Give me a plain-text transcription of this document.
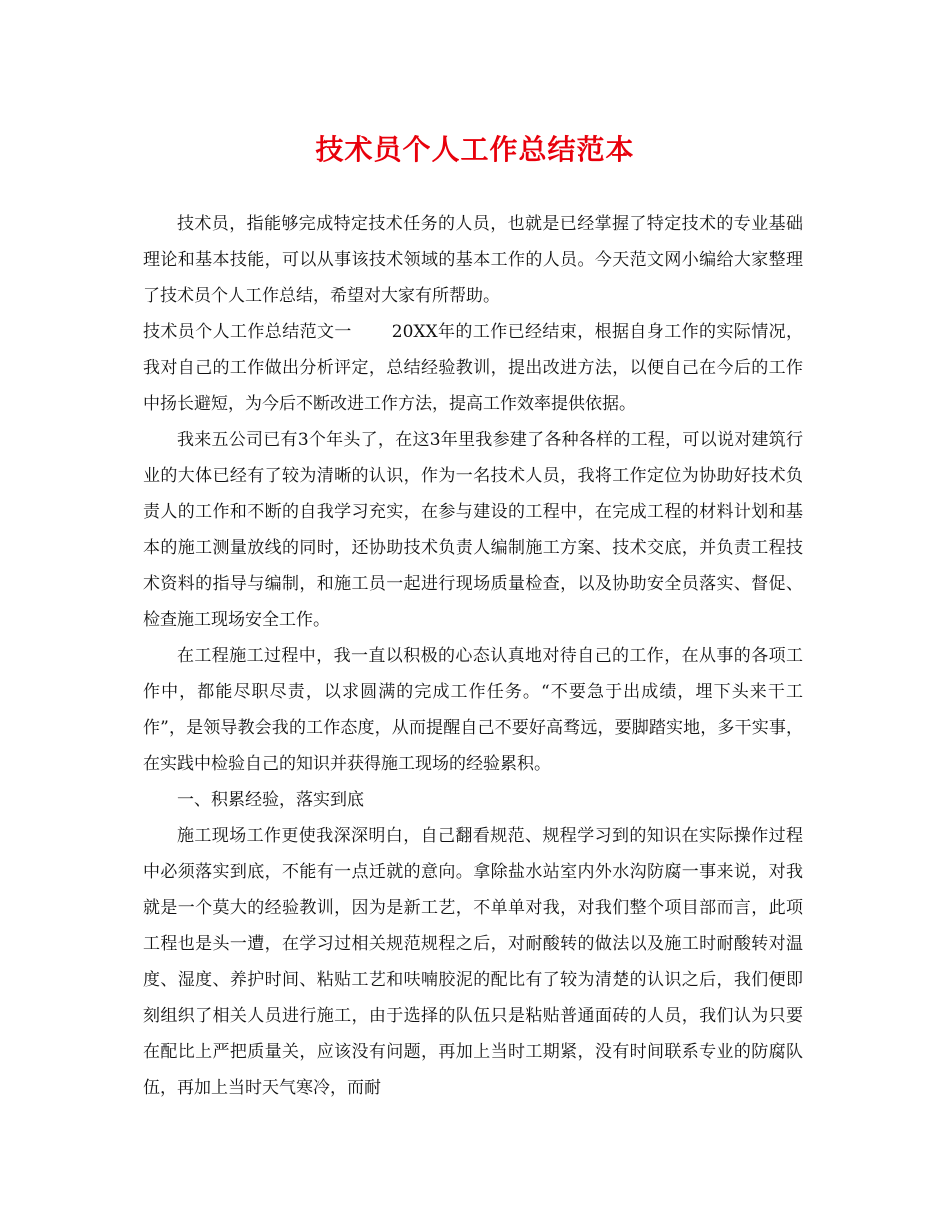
技术员个人工作总结范本

技术员，指能够完成特定技术任务的人员，也就是已经掌握了特定技术的专业基础理论和基本技能，可以从事该技术领域的基本工作的人员。今天范文网小编给大家整理了技术员个人工作总结，希望对大家有所帮助。

技术员个人工作总结范文一 20XX年的工作已经结束，根据自身工作的实际情况，我对自己的工作做出分析评定，总结经验教训，提出改进方法，以便自己在今后的工作中扬长避短，为今后不断改进工作方法，提高工作效率提供依据。

我来五公司已有3个年头了，在这3年里我参建了各种各样的工程，可以说对建筑行业的大体已经有了较为清晰的认识，作为一名技术人员，我将工作定位为协助好技术负责人的工作和不断的自我学习充实，在参与建设的工程中，在完成工程的材料计划和基本的施工测量放线的同时，还协助技术负责人编制施工方案、技术交底，并负责工程技术资料的指导与编制，和施工员一起进行现场质量检查，以及协助安全员落实、督促、检查施工现场安全工作。

在工程施工过程中，我一直以积极的心态认真地对待自己的工作，在从事的各项工作中，都能尽职尽责，以求圆满的完成工作任务。“不要急于出成绩，埋下头来干工作”，是领导教会我的工作态度，从而提醒自己不要好高骛远，要脚踏实地，多干实事，在实践中检验自己的知识并获得施工现场的经验累积。

一、积累经验，落实到底

施工现场工作更使我深深明白，自己翻看规范、规程学习到的知识在实际操作过程中必须落实到底，不能有一点迁就的意向。拿除盐水站室内外水沟防腐一事来说，对我就是一个莫大的经验教训，因为是新工艺，不单单对我，对我们整个项目部而言，此项工程也是头一遭，在学习过相关规范规程之后，对耐酸转的做法以及施工时耐酸转对温度、湿度、养护时间、粘贴工艺和呋喃胶泥的配比有了较为清楚的认识之后，我们便即刻组织了相关人员进行施工，由于选择的队伍只是粘贴普通面砖的人员，我们认为只要在配比上严把质量关，应该没有问题，再加上当时工期紧，没有时间联系专业的防腐队伍，再加上当时天气寒冷，而耐
